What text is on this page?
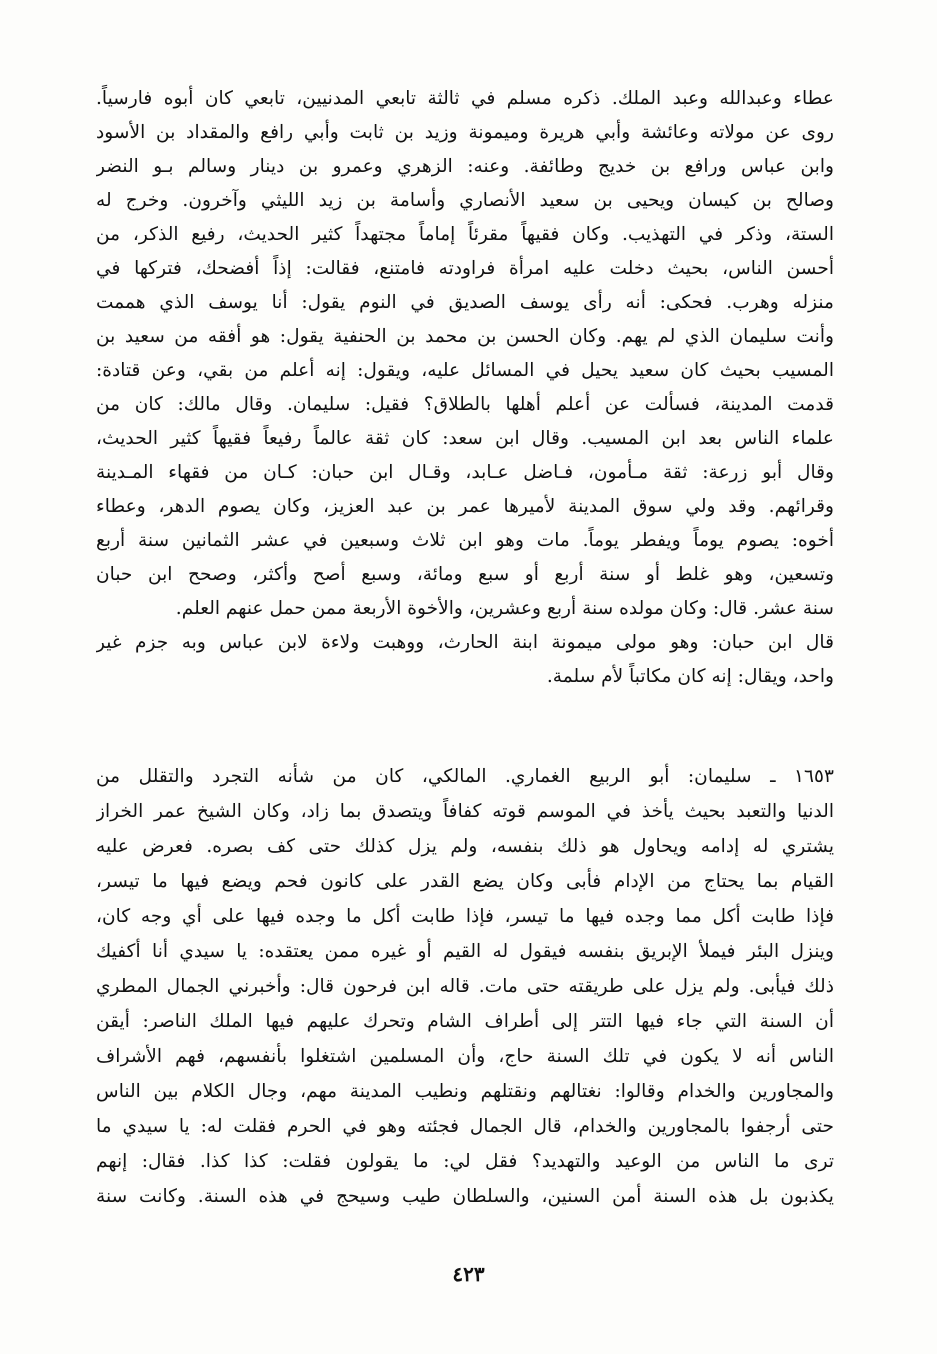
عطاء وعبدالله وعبد الملك. ذكره مسلم في ثالثة تابعي المدنيين، تابعي كان أبوه فارسياً.
روى عن مولاته وعائشة وأبي هريرة وميمونة وزيد بن ثابت وأبي رافع والمقداد بن الأسود
وابن عباس ورافع بن خديج وطائفة. وعنه: الزهري وعمرو بن دينار وسالم بـو النضر
وصالح بن كيسان ويحيى بن سعيد الأنصاري وأسامة بن زيد الليثي وآخرون. وخرج له
الستة، وذكر في التهذيب. وكان فقيهاً مقرئاً إماماً مجتهداً كثير الحديث، رفيع الذكر، من
أحسن الناس، بحيث دخلت عليه امرأة فراودته فامتنع، فقالت: إذاً أفضحك، فتركها في
منزله وهرب. فحكى: أنه رأى يوسف الصديق في النوم يقول: أنا يوسف الذي هممت
وأنت سليمان الذي لم يهم. وكان الحسن بن محمد بن الحنفية يقول: هو أفقه من سعيد بن
المسيب بحيث كان سعيد يحيل في المسائل عليه، ويقول: إنه أعلم من بقي، وعن قتادة:
قدمت المدينة، فسألت عن أعلم أهلها بالطلاق؟ فقيل: سليمان. وقال مالك: كان من
علماء الناس بعد ابن المسيب. وقال ابن سعد: كان ثقة عالماً رفيعاً فقيهاً كثير الحديث،
وقال أبو زرعة: ثقة مـأمون، فـاضل عـابد، وقـال ابن حبان: كـان من فقهاء المـدينة
وقرائهم. وقد ولي سوق المدينة لأميرها عمر بن عبد العزيز، وكان يصوم الدهر، وعطاء
أخوه: يصوم يوماً ويفطر يوماً. مات وهو ابن ثلاث وسبعين في عشر الثمانين سنة أربع
وتسعين، وهو غلط أو سنة أربع أو سبع ومائة، وسبع أصح وأكثر، وصحح ابن حبان
سنة عشر. قال: وكان مولده سنة أربع وعشرين، والأخوة الأربعة ممن حمل عنهم العلم.
قال ابن حبان: وهو مولى ميمونة ابنة الحارث، ووهبت ولاءة لابن عباس وبه جزم غير
واحد، ويقال: إنه كان مكاتباً لأم سلمة.
١٦٥٣ ـ سليمان: أبو الربيع الغماري. المالكي، كان من شأنه التجرد والتقلل من
الدنيا والتعبد بحيث يأخذ في الموسم قوته كفافاً ويتصدق بما زاد، وكان الشيخ عمر الخراز
يشتري له إدامه ويحاول هو ذلك بنفسه، ولم يزل كذلك حتى كف بصره. فعرض عليه
القيام بما يحتاج من الإدام فأبى وكان يضع القدر على كانون فحم ويضع فيها ما تيسر،
فإذا طابت أكل مما وجده فيها ما تيسر، فإذا طابت أكل ما وجده فيها على أي وجه كان،
وينزل البئر فيملأ الإبريق بنفسه فيقول له القيم أو غيره ممن يعتقده: يا سيدي أنا أكفيك
ذلك فيأبى. ولم يزل على طريقته حتى مات. قاله ابن فرحون قال: وأخبرني الجمال المطري
أن السنة التي جاء فيها التتر إلى أطراف الشام وتحرك عليهم فيها الملك الناصر: أيقن
الناس أنه لا يكون في تلك السنة حاج، وأن المسلمين اشتغلوا بأنفسهم، فهم الأشراف
والمجاورين والخدام وقالوا: نغتالهم ونقتلهم ونطيب المدينة مهم، وجال الكلام بين الناس
حتى أرجفوا بالمجاورين والخدام، قال الجمال فجئته وهو في الحرم فقلت له: يا سيدي ما
ترى ما الناس من الوعيد والتهديد؟ فقل لي: ما يقولون فقلت: كذا كذا. فقال: إنهم
يكذبون بل هذه السنة أمن السنين، والسلطان طيب وسيحج في هذه السنة. وكانت سنة
٤٢٣
